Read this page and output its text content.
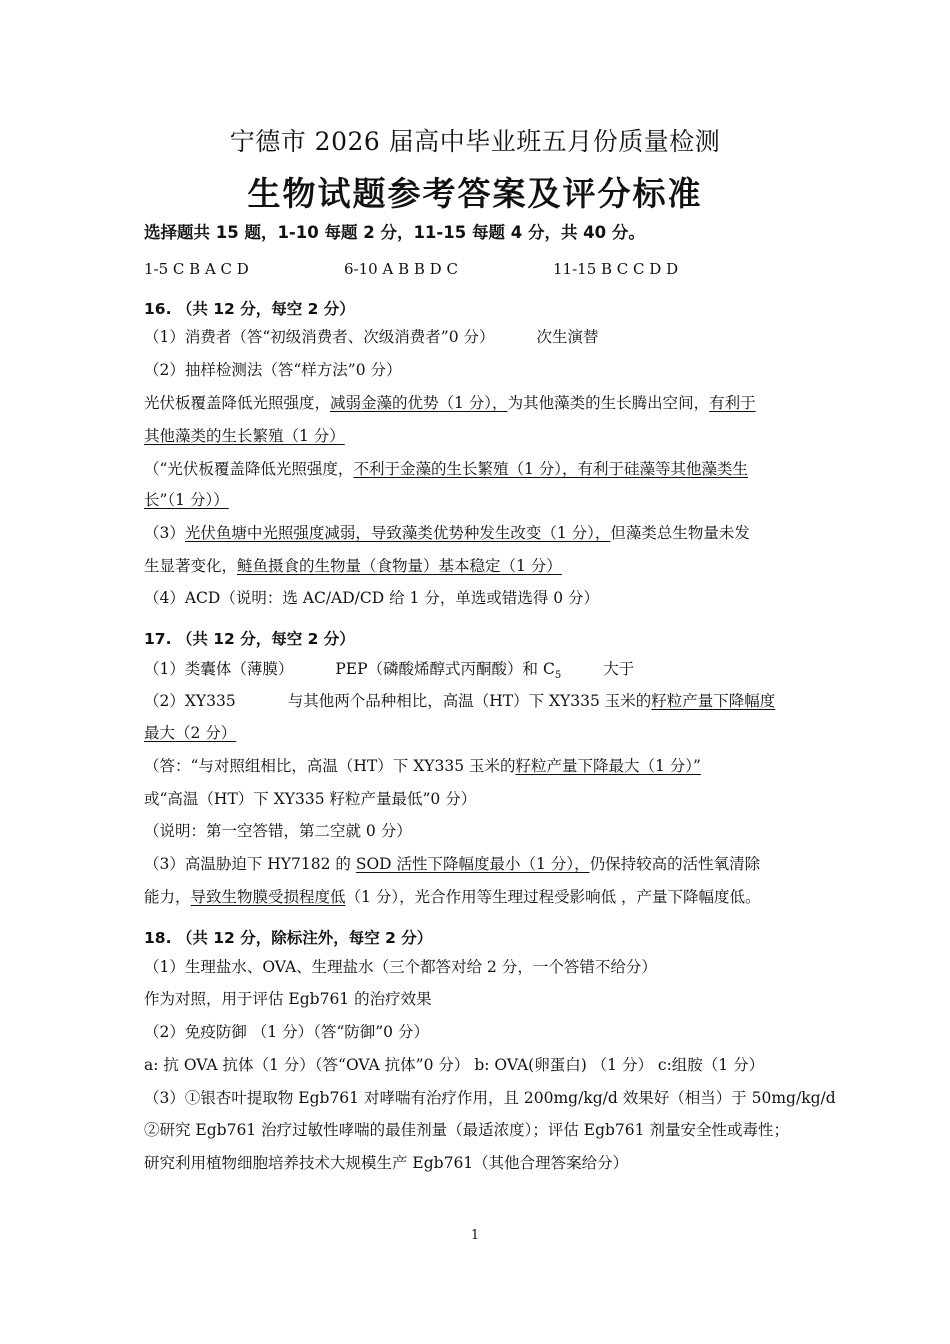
宁德市 2026 届高中毕业班五月份质量检测
生物试题参考答案及评分标准
选择题共 15 题，1-10 每题 2 分，11-15 每题 4 分，共 40 分。
1-5 C B A C D	6-10 A B B D C	11-15 B C C D D
16. （共 12 分，每空 2 分）
（1）消费者（答“初级消费者、次级消费者”0 分）	次生演替
（2）抽样检测法（答“样方法”0 分）
光伏板覆盖降低光照强度，减弱金藻的优势（1 分），为其他藻类的生长腾出空间，有利于
其他藻类的生长繁殖（1 分）
（“光伏板覆盖降低光照强度，不利于金藻的生长繁殖（1 分），有利于硅藻等其他藻类生
长”（1 分））
（3）光伏鱼塘中光照强度减弱，导致藻类优势种发生改变（1 分），但藻类总生物量未发
生显著变化，鲢鱼摄食的生物量（食物量）基本稳定（1 分）
（4）ACD（说明：选 AC/AD/CD 给 1 分，单选或错选得 0 分）
17. （共 12 分，每空 2 分）
（1）类囊体（薄膜）	PEP（磷酸烯醇式丙酮酸）和 $C_5$	大于
（2）XY335	与其他两个品种相比，高温（HT）下 XY335 玉米的籽粒产量下降幅度
最大（2 分）
（答：“与对照组相比，高温（HT）下 XY335 玉米的籽粒产量下降最大（1 分）”
或“高温（HT）下 XY335 籽粒产量最低”0 分）
（说明：第一空答错，第二空就 0 分）
（3）高温胁迫下 HY7182 的 SOD 活性下降幅度最小（1 分），仍保持较高的活性氧清除
能力，导致生物膜受损程度低（1 分），光合作用等生理过程受影响低 ，产量下降幅度低。
18. （共 12 分，除标注外，每空 2 分）
（1）生理盐水、OVA、生理盐水（三个都答对给 2 分，一个答错不给分）
作为对照，用于评估 Egb761 的治疗效果
（2）免疫防御 （1 分）（答“防御”0 分）
a: 抗 OVA 抗体（1 分）（答“OVA 抗体”0 分） b: OVA(卵蛋白) （1 分） c:组胺（1 分）
（3）①银杏叶提取物 Egb761 对哮喘有治疗作用，且 200mg/kg/d 效果好（相当）于 50mg/kg/d
②研究 Egb761 治疗过敏性哮喘的最佳剂量（最适浓度）；评估 Egb761 剂量安全性或毒性；
研究利用植物细胞培养技术大规模生产 Egb761（其他合理答案给分）
1
